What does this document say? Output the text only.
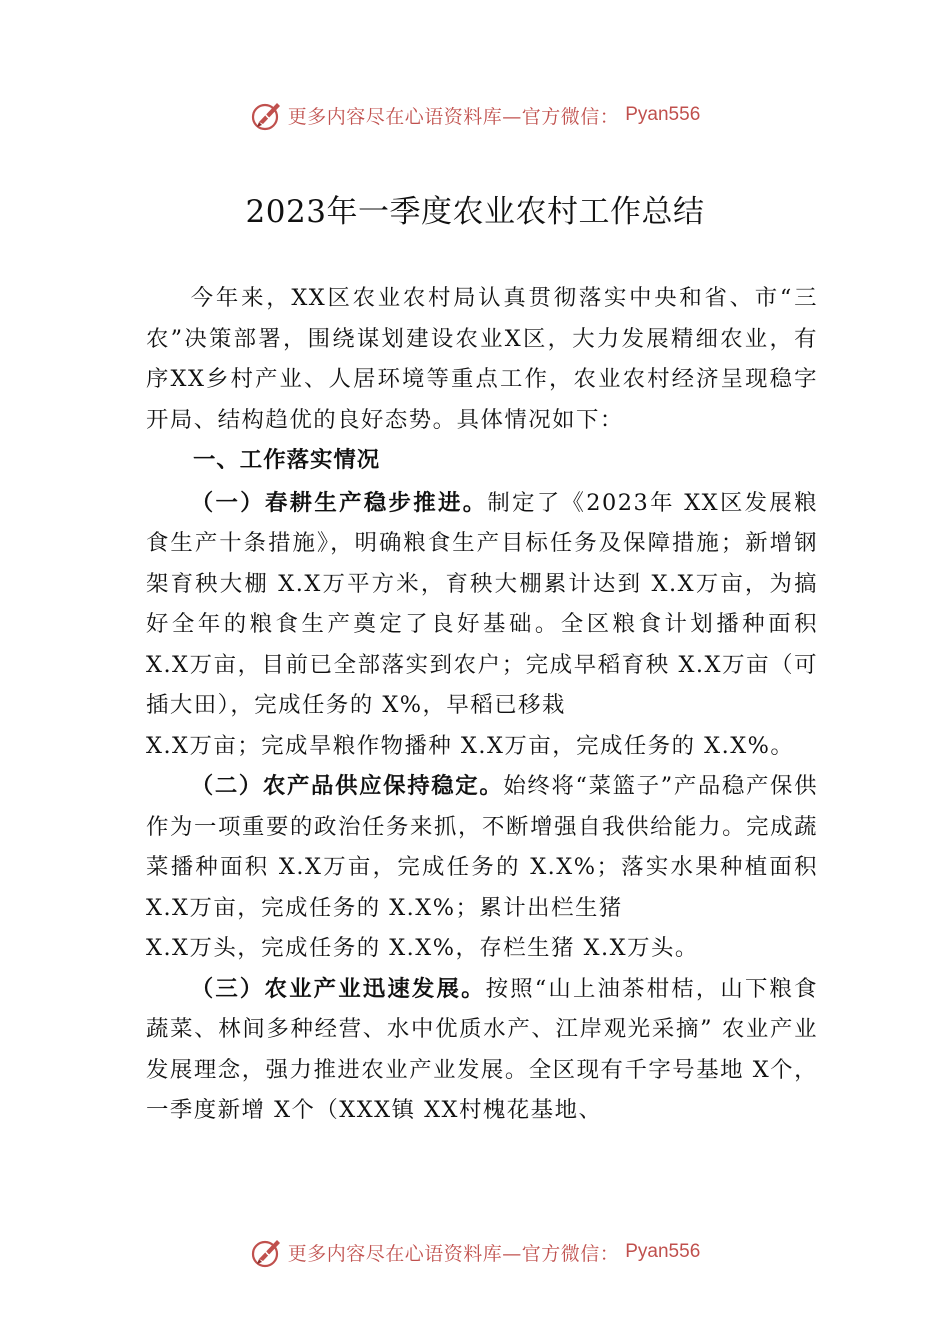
更多内容尽在心语资料库—官方微信： Pyan556
2023年一季度农业农村工作总结

今年来，XX区农业农村局认真贯彻落实中央和省、市“三农”决策部署，围绕谋划建设农业X区，大力发展精细农业，有序XX乡村产业、人居环境等重点工作，农业农村经济呈现稳字开局、结构趋优的良好态势。具体情况如下：

一、工作落实情况

（一）春耕生产稳步推进。制定了《2023年 XX区发展粮食生产十条措施》，明确粮食生产目标任务及保障措施；新增钢架育秧大棚 X.X万平方米，育秧大棚累计达到 X.X万亩，为搞好全年的粮食生产奠定了良好基础。全区粮食计划播种面积 X.X万亩，目前已全部落实到农户；完成早稻育秧 X.X万亩（可插大田），完成任务的 X%，早稻已移栽

X.X万亩；完成旱粮作物播种 X.X万亩，完成任务的 X.X%。

（二）农产品供应保持稳定。始终将“菜篮子”产品稳产保供作为一项重要的政治任务来抓，不断增强自我供给能力。完成蔬菜播种面积 X.X万亩，完成任务的 X.X%；落实水果种植面积 X.X万亩，完成任务的 X.X%；累计出栏生猪

X.X万头，完成任务的 X.X%，存栏生猪 X.X万头。

（三）农业产业迅速发展。按照“山上油茶柑桔，山下粮食蔬菜、林间多种经营、水中优质水产、江岸观光采摘” 农业产业发展理念，强力推进农业产业发展。全区现有千字号基地 X个，一季度新增 X个（XXX镇 XX村槐花基地、

更多内容尽在心语资料库—官方微信： Pyan556
